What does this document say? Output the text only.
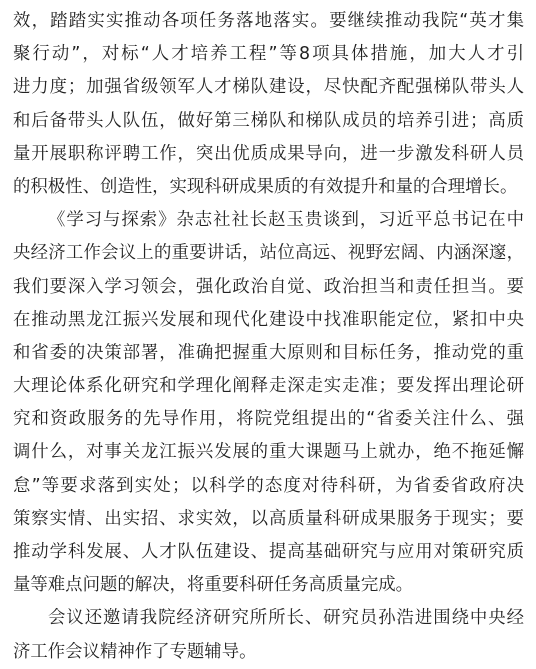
效，踏踏实实推动各项任务落地落实。要继续推动我院“英才集
聚行动”，对标“人才培养工程”等8项具体措施，加大人才引
进力度；加强省级领军人才梯队建设，尽快配齐配强梯队带头人
和后备带头人队伍，做好第三梯队和梯队成员的培养引进；高质
量开展职称评聘工作，突出优质成果导向，进一步激发科研人员
的积极性、创造性，实现科研成果质的有效提升和量的合理增长。
《学习与探索》杂志社社长赵玉贵谈到，习近平总书记在中
央经济工作会议上的重要讲话，站位高远、视野宏阔、内涵深邃，
我们要深入学习领会，强化政治自觉、政治担当和责任担当。要
在推动黑龙江振兴发展和现代化建设中找准职能定位，紧扣中央
和省委的决策部署，准确把握重大原则和目标任务，推动党的重
大理论体系化研究和学理化阐释走深走实走准；要发挥出理论研
究和资政服务的先导作用，将院党组提出的“省委关注什么、强
调什么，对事关龙江振兴发展的重大课题马上就办，绝不拖延懈
怠”等要求落到实处；以科学的态度对待科研，为省委省政府决
策察实情、出实招、求实效，以高质量科研成果服务于现实；要
推动学科发展、人才队伍建设、提高基础研究与应用对策研究质
量等难点问题的解决，将重要科研任务高质量完成。
会议还邀请我院经济研究所所长、研究员孙浩进围绕中央经
济工作会议精神作了专题辅导。
